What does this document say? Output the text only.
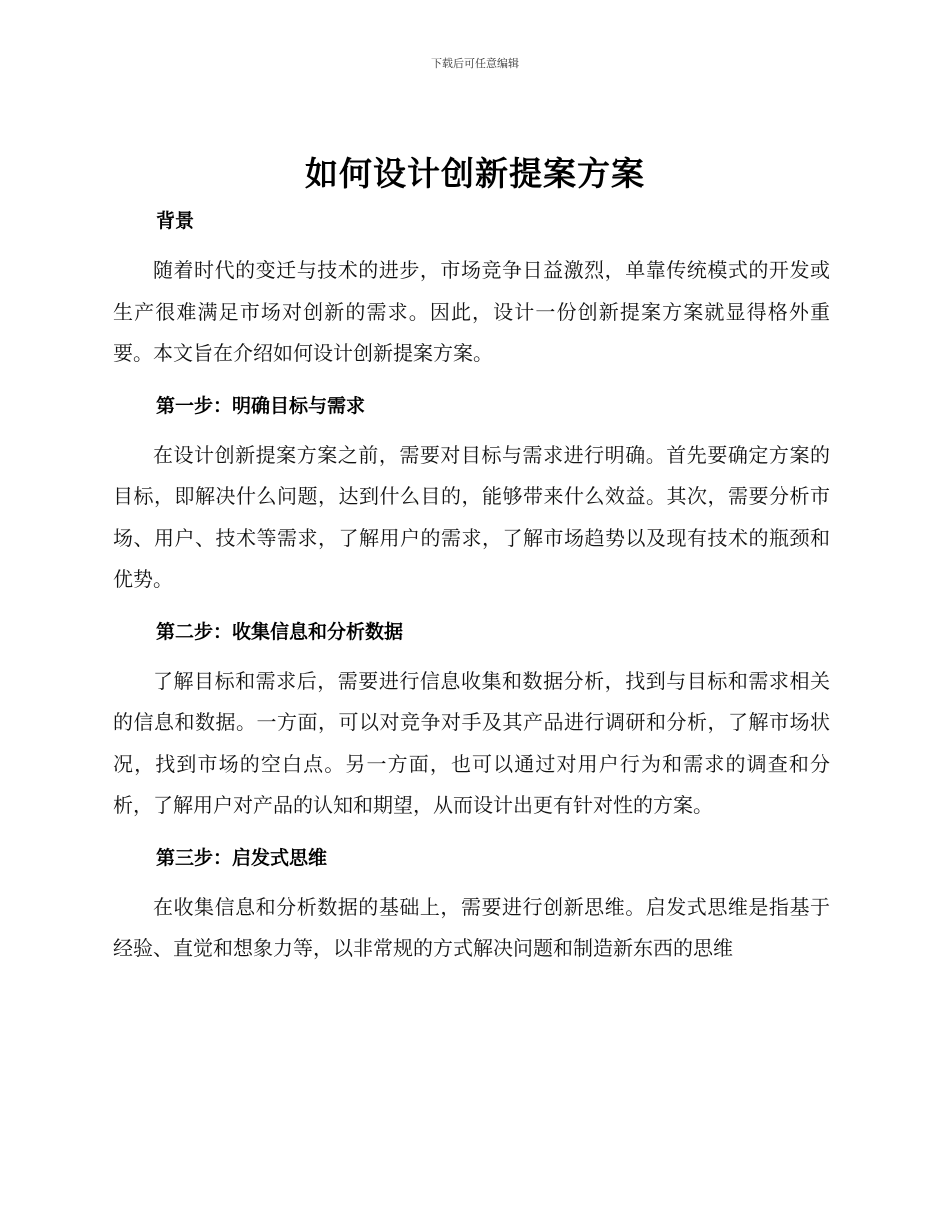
下载后可任意编辑
如何设计创新提案方案
背景

随着时代的变迁与技术的进步，市场竞争日益激烈，单靠传统模式的开发或生产很难满足市场对创新的需求。因此，设计一份创新提案方案就显得格外重要。本文旨在介绍如何设计创新提案方案。

第一步：明确目标与需求

在设计创新提案方案之前，需要对目标与需求进行明确。首先要确定方案的目标，即解决什么问题，达到什么目的，能够带来什么效益。其次，需要分析市场、用户、技术等需求，了解用户的需求，了解市场趋势以及现有技术的瓶颈和优势。

第二步：收集信息和分析数据

了解目标和需求后，需要进行信息收集和数据分析，找到与目标和需求相关的信息和数据。一方面，可以对竞争对手及其产品进行调研和分析，了解市场状况，找到市场的空白点。另一方面，也可以通过对用户行为和需求的调查和分析，了解用户对产品的认知和期望，从而设计出更有针对性的方案。

第三步：启发式思维

在收集信息和分析数据的基础上，需要进行创新思维。启发式思维是指基于经验、直觉和想象力等，以非常规的方式解决问题和制造新东西的思维
